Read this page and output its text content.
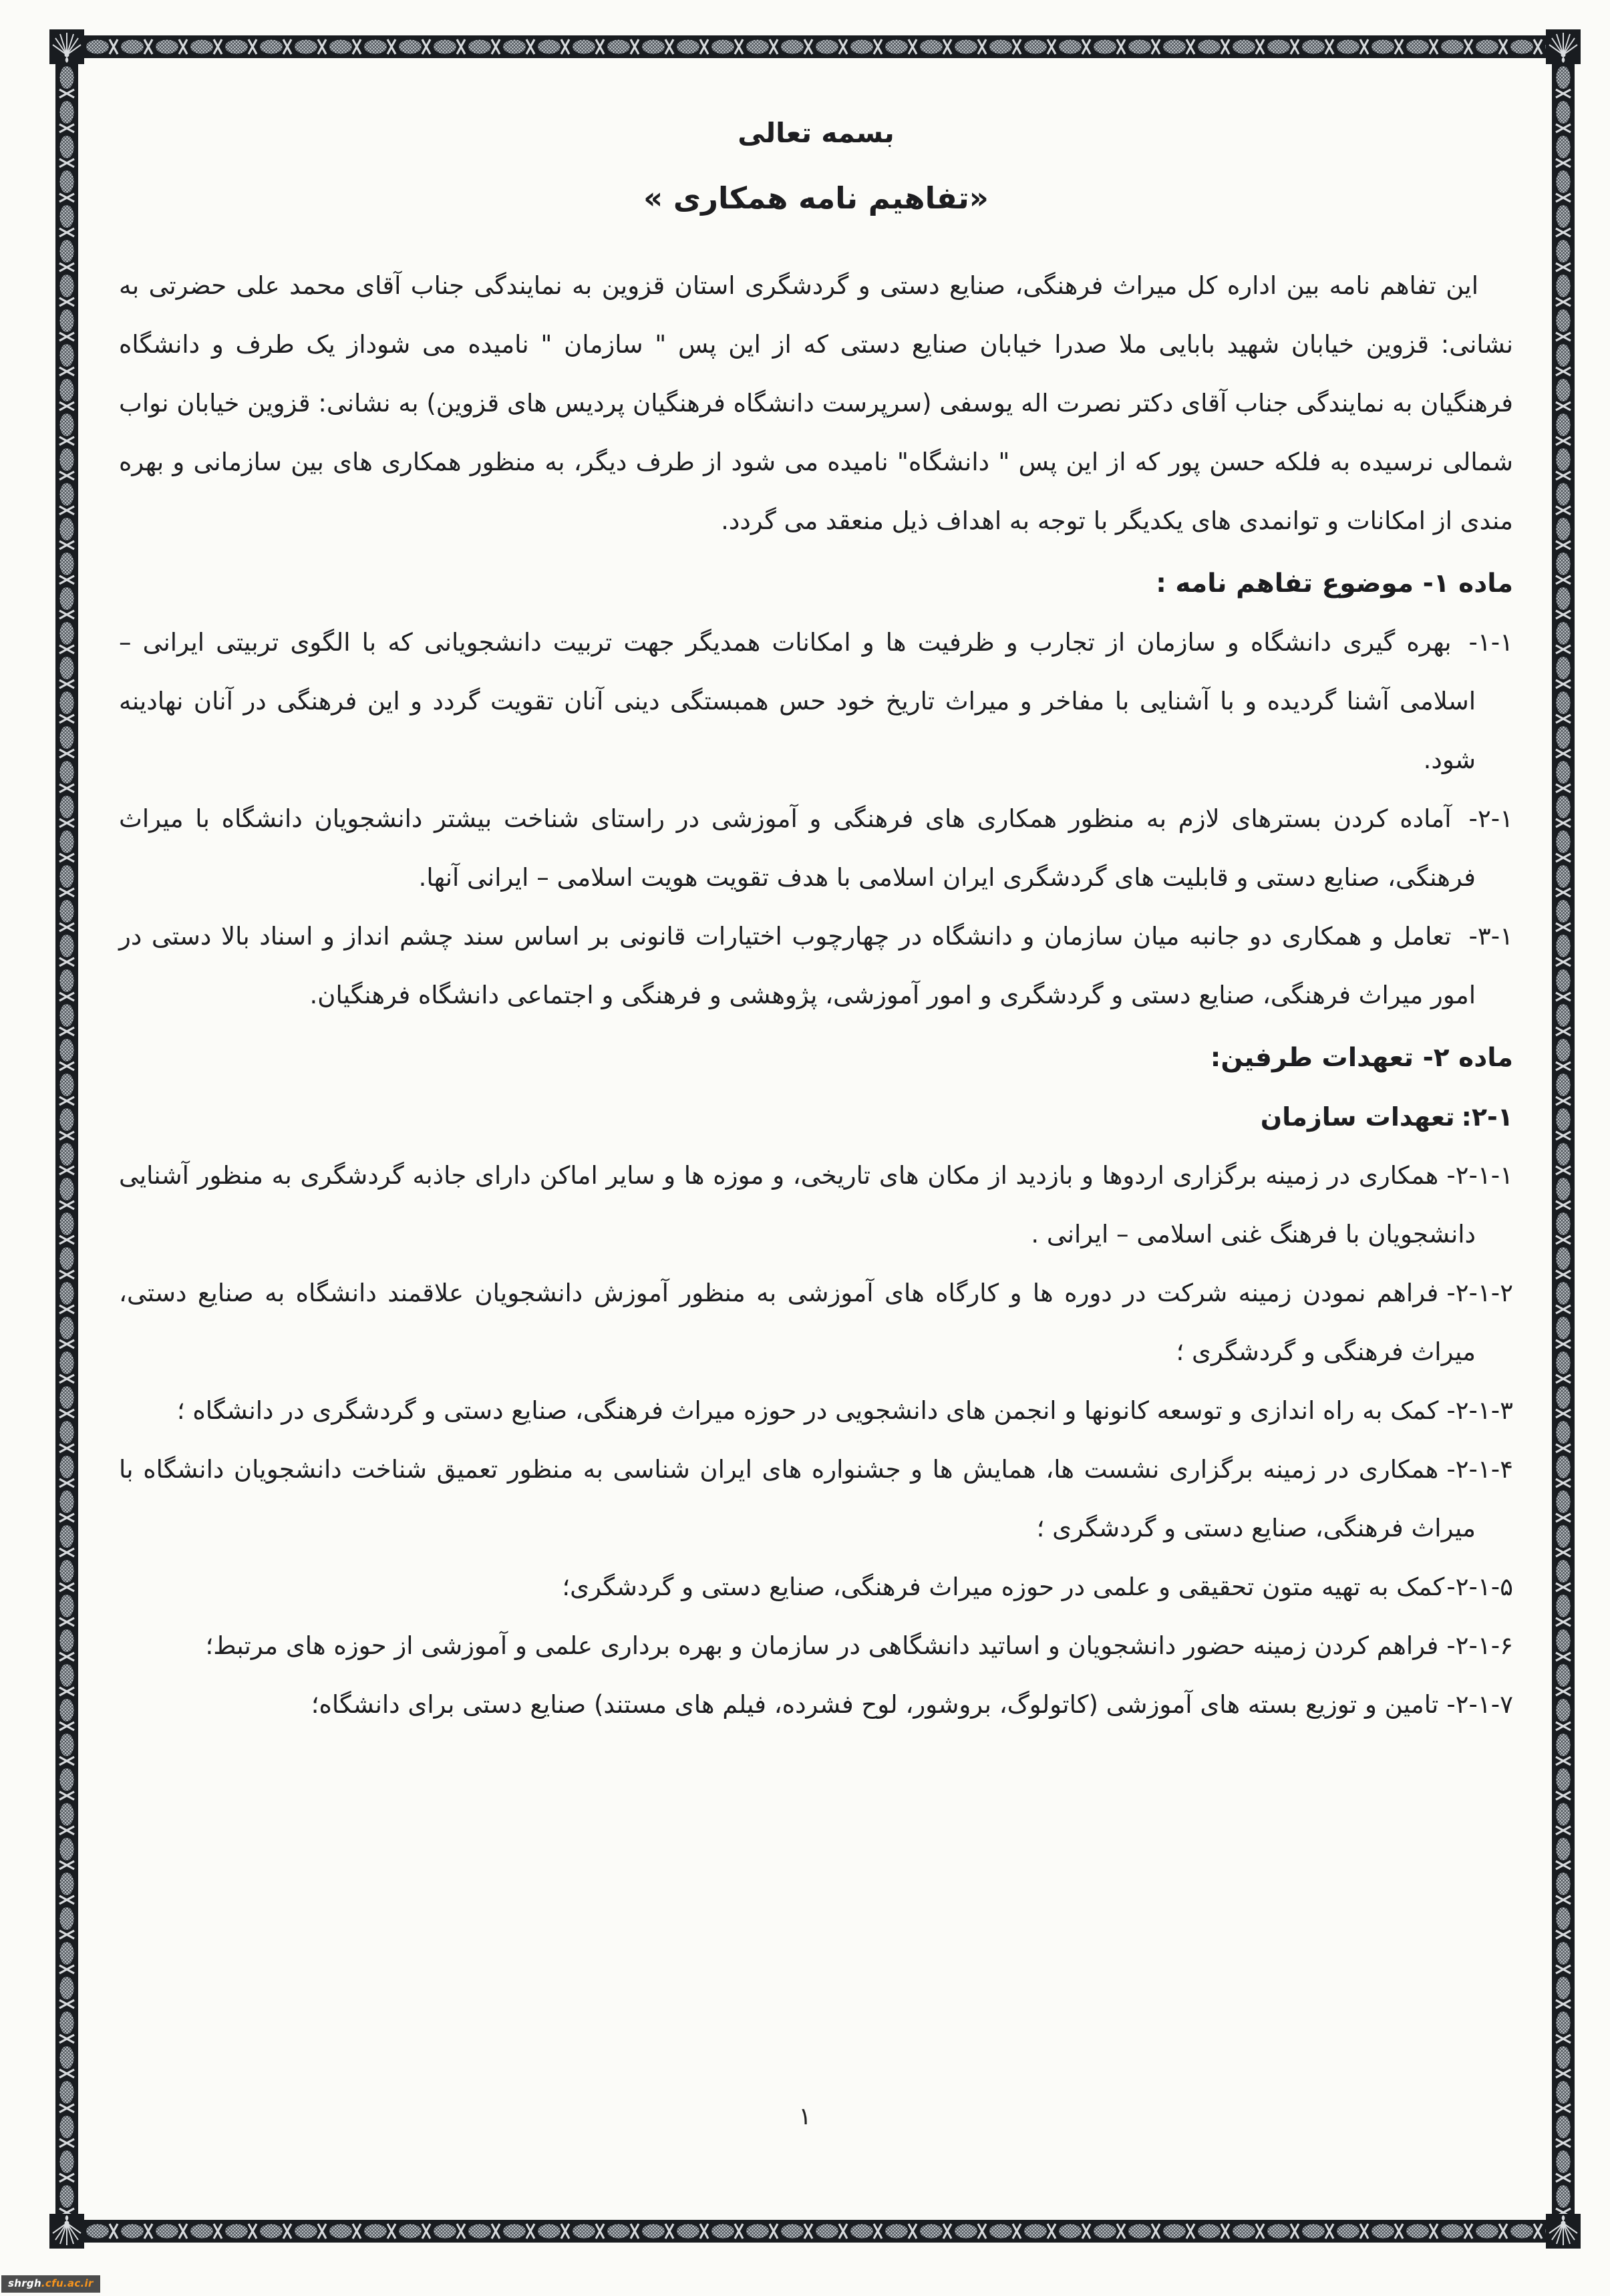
بسمه تعالی
«تفاهیم نامه همکاری »

این تفاهم نامه بین اداره کل میراث فرهنگی، صنایع دستی و گردشگری استان قزوین به نمایندگی جناب آقای محمد علی حضرتی به نشانی: قزوین خیابان شهید بابایی ملا صدرا خیابان صنایع دستی که از این پس " سازمان " نامیده می شوداز یک طرف و دانشگاه فرهنگیان به نمایندگی جناب آقای دکتر نصرت اله یوسفی (سرپرست دانشگاه فرهنگیان پردیس های قزوین) به نشانی: قزوین خیابان نواب شمالی نرسیده به فلکه حسن پور که از این پس " دانشگاه" نامیده می شود از طرف دیگر، به منظور همکاری های بین سازمانی و بهره مندی از امکانات و توانمدی های یکدیگر با توجه به اهداف ذیل منعقد می گردد.

ماده ۱- موضوع تفاهم نامه :
-۱-۱بهره گیری دانشگاه و سازمان از تجارب و ظرفیت ها و امکانات همدیگر جهت تربیت دانشجویانی که با الگوی تربیتی ایرانی – اسلامی آشنا گردیده و با آشنایی با مفاخر و میراث تاریخ خود حس همبستگی دینی آنان تقویت گردد و این فرهنگی در آنان نهادینه شود.
-۲-۱آماده کردن بسترهای لازم به منظور همکاری های فرهنگی و آموزشی در راستای شناخت بیشتر دانشجویان دانشگاه با میراث فرهنگی، صنایع دستی و قابلیت های گردشگری ایران اسلامی با هدف تقویت هویت اسلامی – ایرانی آنها.
-۳-۱تعامل و همکاری دو جانبه میان سازمان و دانشگاه در چهارچوب اختیارات قانونی بر اساس سند چشم انداز و اسناد بالا دستی در امور میراث فرهنگی، صنایع دستی و گردشگری و امور آموزشی، پژوهشی و فرهنگی و اجتماعی دانشگاه فرهنگیان.
ماده ۲- تعهدات طرفین:
:۲-۱تعهدات سازمان
-۲-۱-۱همکاری در زمینه برگزاری اردوها و بازدید از مکان های تاریخی، و موزه ها و سایر اماکن دارای جاذبه گردشگری به منظور آشنایی دانشجویان با فرهنگ غنی اسلامی – ایرانی .
-۲-۱-۲فراهم نمودن زمینه شرکت در دوره ها و کارگاه های آموزشی به منظور آموزش دانشجویان علاقمند دانشگاه به صنایع دستی، میراث فرهنگی و گردشگری ؛
-۲-۱-۳کمک به راه اندازی و توسعه کانونها و انجمن های دانشجویی در حوزه میراث فرهنگی، صنایع دستی و گردشگری در دانشگاه ؛
-۲-۱-۴همکاری در زمینه برگزاری نشست ها، همایش ها و جشنواره های ایران شناسی به منظور تعمیق شناخت دانشجویان دانشگاه با میراث فرهنگی، صنایع دستی و گردشگری ؛
-۲-۱-۵کمک به تهیه متون تحقیقی و علمی در حوزه میراث فرهنگی، صنایع دستی و گردشگری؛
-۲-۱-۶فراهم کردن زمینه حضور دانشجویان و اساتید دانشگاهی در سازمان و بهره برداری علمی و آموزشی از حوزه های مرتبط؛
-۲-۱-۷تامین و توزیع بسته های آموزشی (کاتولوگ، بروشور، لوح فشرده، فیلم های مستند) صنایع دستی برای دانشگاه؛
۱
shrgh.cfu.ac.ir
